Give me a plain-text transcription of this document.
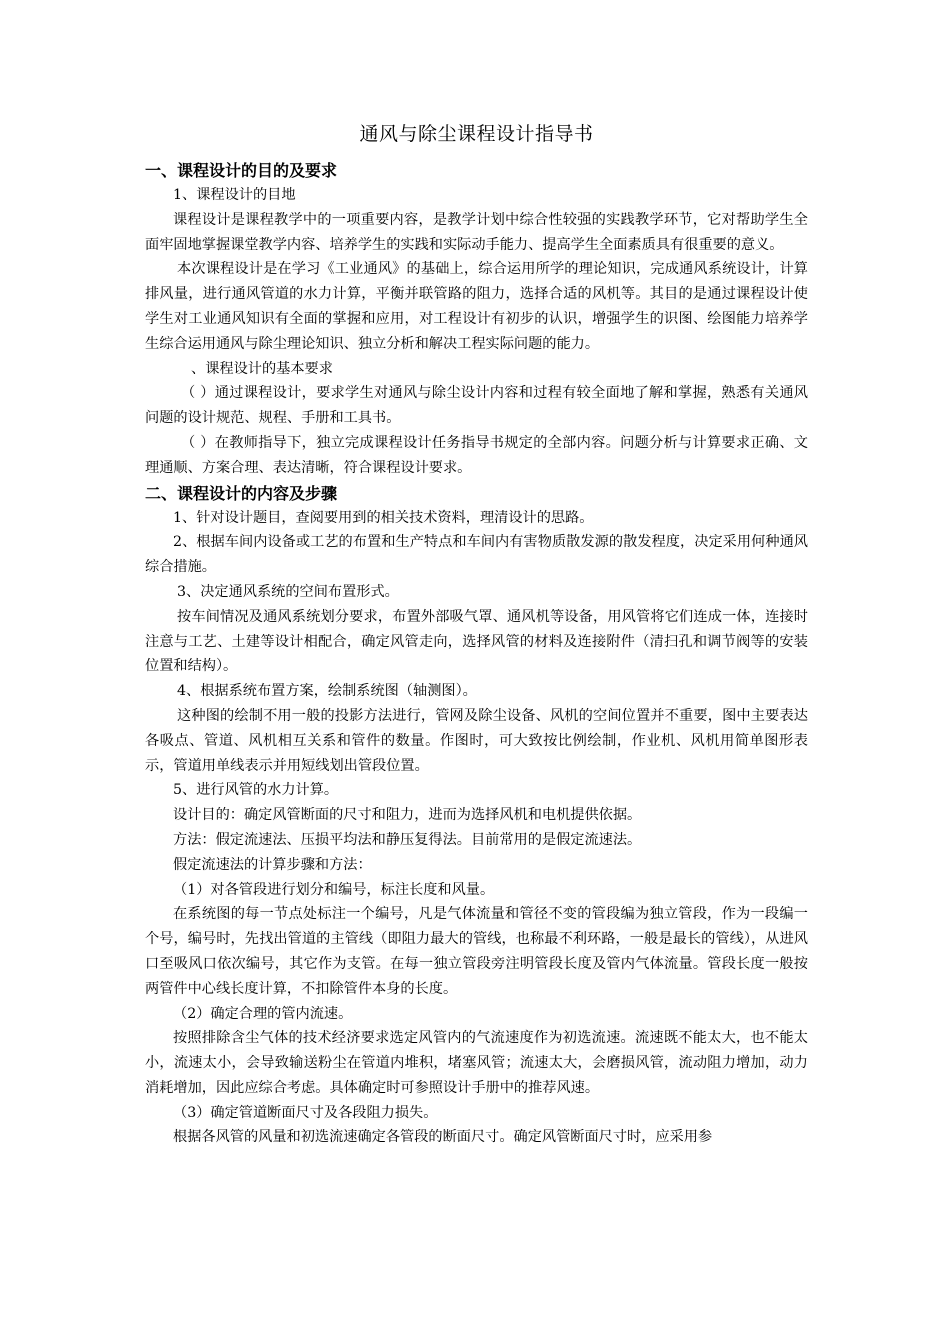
通风与除尘课程设计指导书
一、课程设计的目的及要求
1、课程设计的目地
课程设计是课程教学中的一项重要内容，是教学计划中综合性较强的实践教学环节，它对帮助学生全面牢固地掌握课堂教学内容、培养学生的实践和实际动手能力、提高学生全面素质具有很重要的意义。
本次课程设计是在学习《工业通风》的基础上，综合运用所学的理论知识，完成通风系统设计，计算排风量，进行通风管道的水力计算，平衡并联管路的阻力，选择合适的风机等。其目的是通过课程设计使学生对工业通风知识有全面的掌握和应用，对工程设计有初步的认识，增强学生的识图、绘图能力培养学生综合运用通风与除尘理论知识、独立分析和解决工程实际问题的能力。
、课程设计的基本要求
（ ）通过课程设计，要求学生对通风与除尘设计内容和过程有较全面地了解和掌握，熟悉有关通风问题的设计规范、规程、手册和工具书。
（ ）在教师指导下，独立完成课程设计任务指导书规定的全部内容。问题分析与计算要求正确、文理通顺、方案合理、表达清晰，符合课程设计要求。
二、课程设计的内容及步骤
1、针对设计题目，查阅要用到的相关技术资料，理清设计的思路。
2、根据车间内设备或工艺的布置和生产特点和车间内有害物质散发源的散发程度，决定采用何种通风综合措施。
3、决定通风系统的空间布置形式。
按车间情况及通风系统划分要求，布置外部吸气罩、通风机等设备，用风管将它们连成一体，连接时注意与工艺、土建等设计相配合，确定风管走向，选择风管的材料及连接附件（清扫孔和调节阀等的安装位置和结构）。
4、根据系统布置方案，绘制系统图（轴测图）。
这种图的绘制不用一般的投影方法进行，管网及除尘设备、风机的空间位置并不重要，图中主要表达各吸点、管道、风机相互关系和管件的数量。作图时，可大致按比例绘制，作业机、风机用简单图形表示，管道用单线表示并用短线划出管段位置。
5、进行风管的水力计算。
设计目的：确定风管断面的尺寸和阻力，进而为选择风机和电机提供依据。
方法：假定流速法、压损平均法和静压复得法。目前常用的是假定流速法。
假定流速法的计算步骤和方法：
（1）对各管段进行划分和编号，标注长度和风量。
在系统图的每一节点处标注一个编号，凡是气体流量和管径不变的管段编为独立管段，作为一段编一个号，编号时，先找出管道的主管线（即阻力最大的管线，也称最不利环路，一般是最长的管线），从进风口至吸风口依次编号，其它作为支管。在每一独立管段旁注明管段长度及管内气体流量。管段长度一般按两管件中心线长度计算，不扣除管件本身的长度。
（2）确定合理的管内流速。
按照排除含尘气体的技术经济要求选定风管内的气流速度作为初选流速。流速既不能太大，也不能太小，流速太小，会导致输送粉尘在管道内堆积，堵塞风管；流速太大，会磨损风管，流动阻力增加，动力消耗增加，因此应综合考虑。具体确定时可参照设计手册中的推荐风速。
（3）确定管道断面尺寸及各段阻力损失。
根据各风管的风量和初选流速确定各管段的断面尺寸。确定风管断面尺寸时，应采用参
